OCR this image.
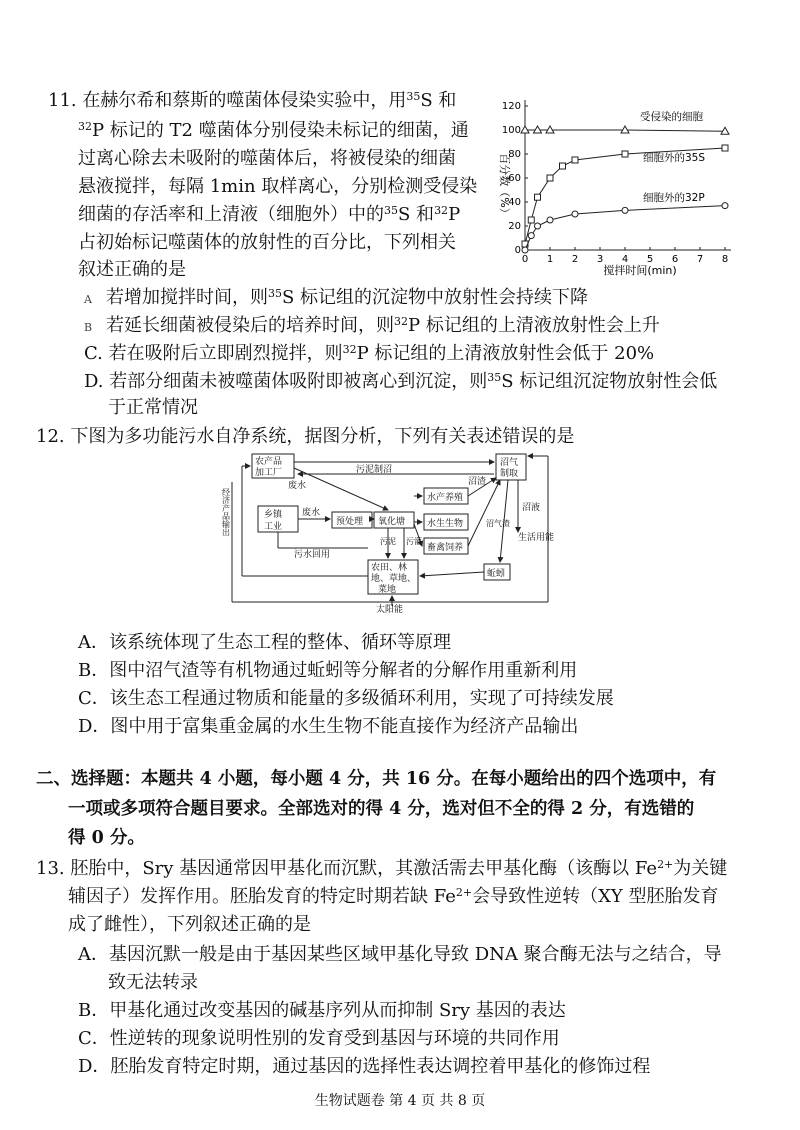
11. 在赫尔希和蔡斯的噬菌体侵染实验中，用$^{35}$S 和
$^{32}$P 标记的 T2 噬菌体分别侵染未标记的细菌，通
过离心除去未吸附的噬菌体后，将被侵染的细菌
悬液搅拌，每隔 1min 取样离心，分别检测受侵染
细菌的存活率和上清液（细胞外）中的$^{35}$S 和$^{32}$P
占初始标记噬菌体的放射性的百分比，下列相关
叙述正确的是
A 若增加搅拌时间，则$^{35}$S 标记组的沉淀物中放射性会持续下降
B 若延长细菌被侵染后的培养时间，则$^{32}$P 标记组的上清液放射性会上升
C. 若在吸附后立即剧烈搅拌，则$^{32}$P 标记组的上清液放射性会低于 20%
D. 若部分细菌未被噬菌体吸附即被离心到沉淀，则$^{35}$S 标记组沉淀物放射性会低
于正常情况
0 1 2 3 4 5 6 7 8
0
20
40
60
80
100
120
百分数（%）
搅拌时间(min)
受侵染的细胞
细胞外的35S
细胞外的32P
12. 下图为多功能污水自净系统，据图分析，下列有关表述错误的是
农产品
加工厂
乡镇
工业	预处理 氧化塘
水产养殖
水生生物
畜禽饲养
沼气
制取
农田、林
地、草地、
菜地
蚯蚓
污泥制沼
废水
废水
污水回用
沼渣
污泥 污灌
沼液
沼气渣
太阳能
生活用能
经济产品输出
A．该系统体现了生态工程的整体、循环等原理
B．图中沼气渣等有机物通过蚯蚓等分解者的分解作用重新利用
C．该生态工程通过物质和能量的多级循环利用，实现了可持续发展
D．图中用于富集重金属的水生生物不能直接作为经济产品输出
二、选择题：本题共 4 小题，每小题 4 分，共 16 分。在每小题给出的四个选项中，有
一项或多项符合题目要求。全部选对的得 4 分，选对但不全的得 2 分，有选错的
得 0 分。
13. 胚胎中，Sry 基因通常因甲基化而沉默，其激活需去甲基化酶（该酶以 $Fe^{2+}$为关键
辅因子）发挥作用。胚胎发育的特定时期若缺 $Fe^{2+}$会导致性逆转（XY 型胚胎发育
成了雌性），下列叙述正确的是
A．基因沉默一般是由于基因某些区域甲基化导致 DNA 聚合酶无法与之结合，导
致无法转录
B．甲基化通过改变基因的碱基序列从而抑制 Sry 基因的表达
C．性逆转的现象说明性别的发育受到基因与环境的共同作用
D．胚胎发育特定时期，通过基因的选择性表达调控着甲基化的修饰过程
生物试题卷 第 4 页 共 8 页
